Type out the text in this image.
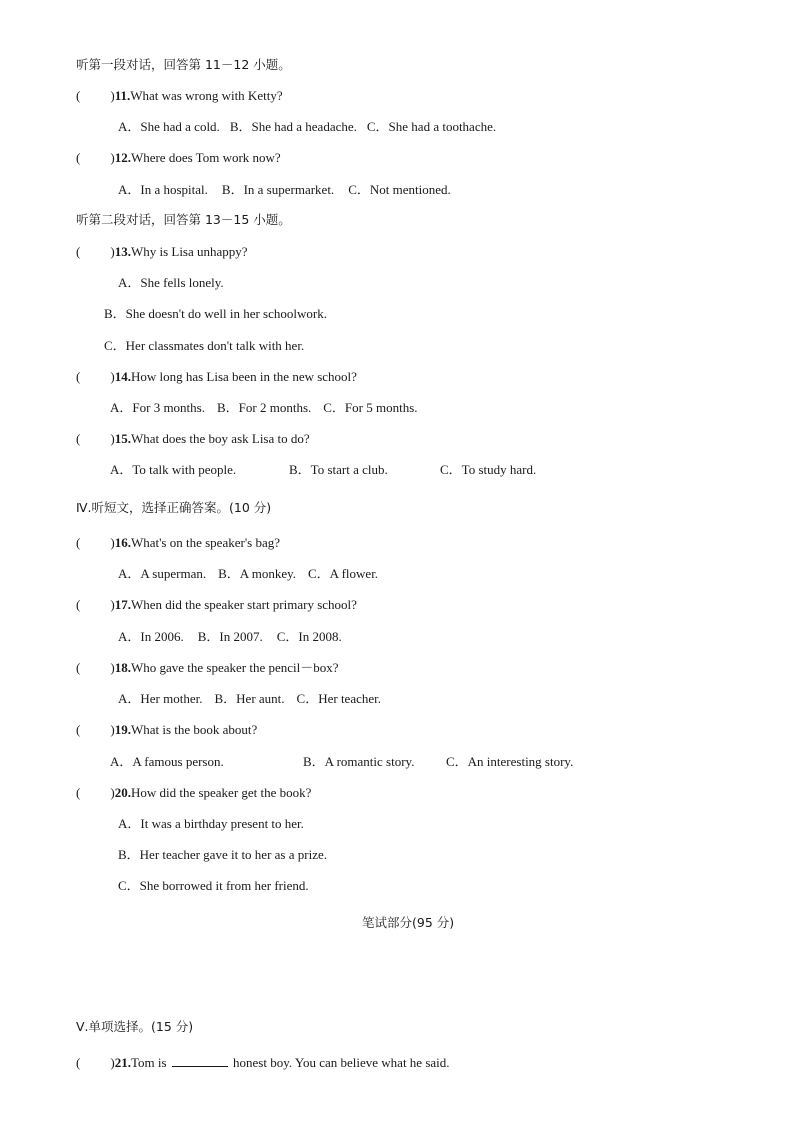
听第一段对话，回答第 11－12 小题。
( )11.What was wrong with Ketty?
A．She had a cold. B．She had a headache. C．She had a toothache.
( )12.Where does Tom work now?
A．In a hospital. B．In a supermarket. C．Not mentioned.
听第二段对话，回答第 13－15 小题。
( )13.Why is Lisa unhappy?
A．She fells lonely.
B．She doesn't do well in her schoolwork.
C．Her classmates don't talk with her.
( )14.How long has Lisa been in the new school?
A．For 3 months. B．For 2 months. C．For 5 months.
( )15.What does the boy ask Lisa to do?
A．To talk with people.	B．To start a club.	C．To study hard.
Ⅳ.听短文，选择正确答案。(10 分)
( )16.What's on the speaker's bag?
A．A superman. B．A monkey. C．A flower.
( )17.When did the speaker start primary school?
A．In 2006. B．In 2007. C．In 2008.
( )18.Who gave the speaker the pencil－box?
A．Her mother. B．Her aunt. C．Her teacher.
( )19.What is the book about?
A．A famous person.	B．A romantic story. C．An interesting story.
( )20.How did the speaker get the book?
A．It was a birthday present to her.
B．Her teacher gave it to her as a prize.
C．She borrowed it from her friend.
笔试部分(95 分)
Ⅴ.单项选择。(15 分)
( )21.Tom is	honest boy. You can believe what he said.
